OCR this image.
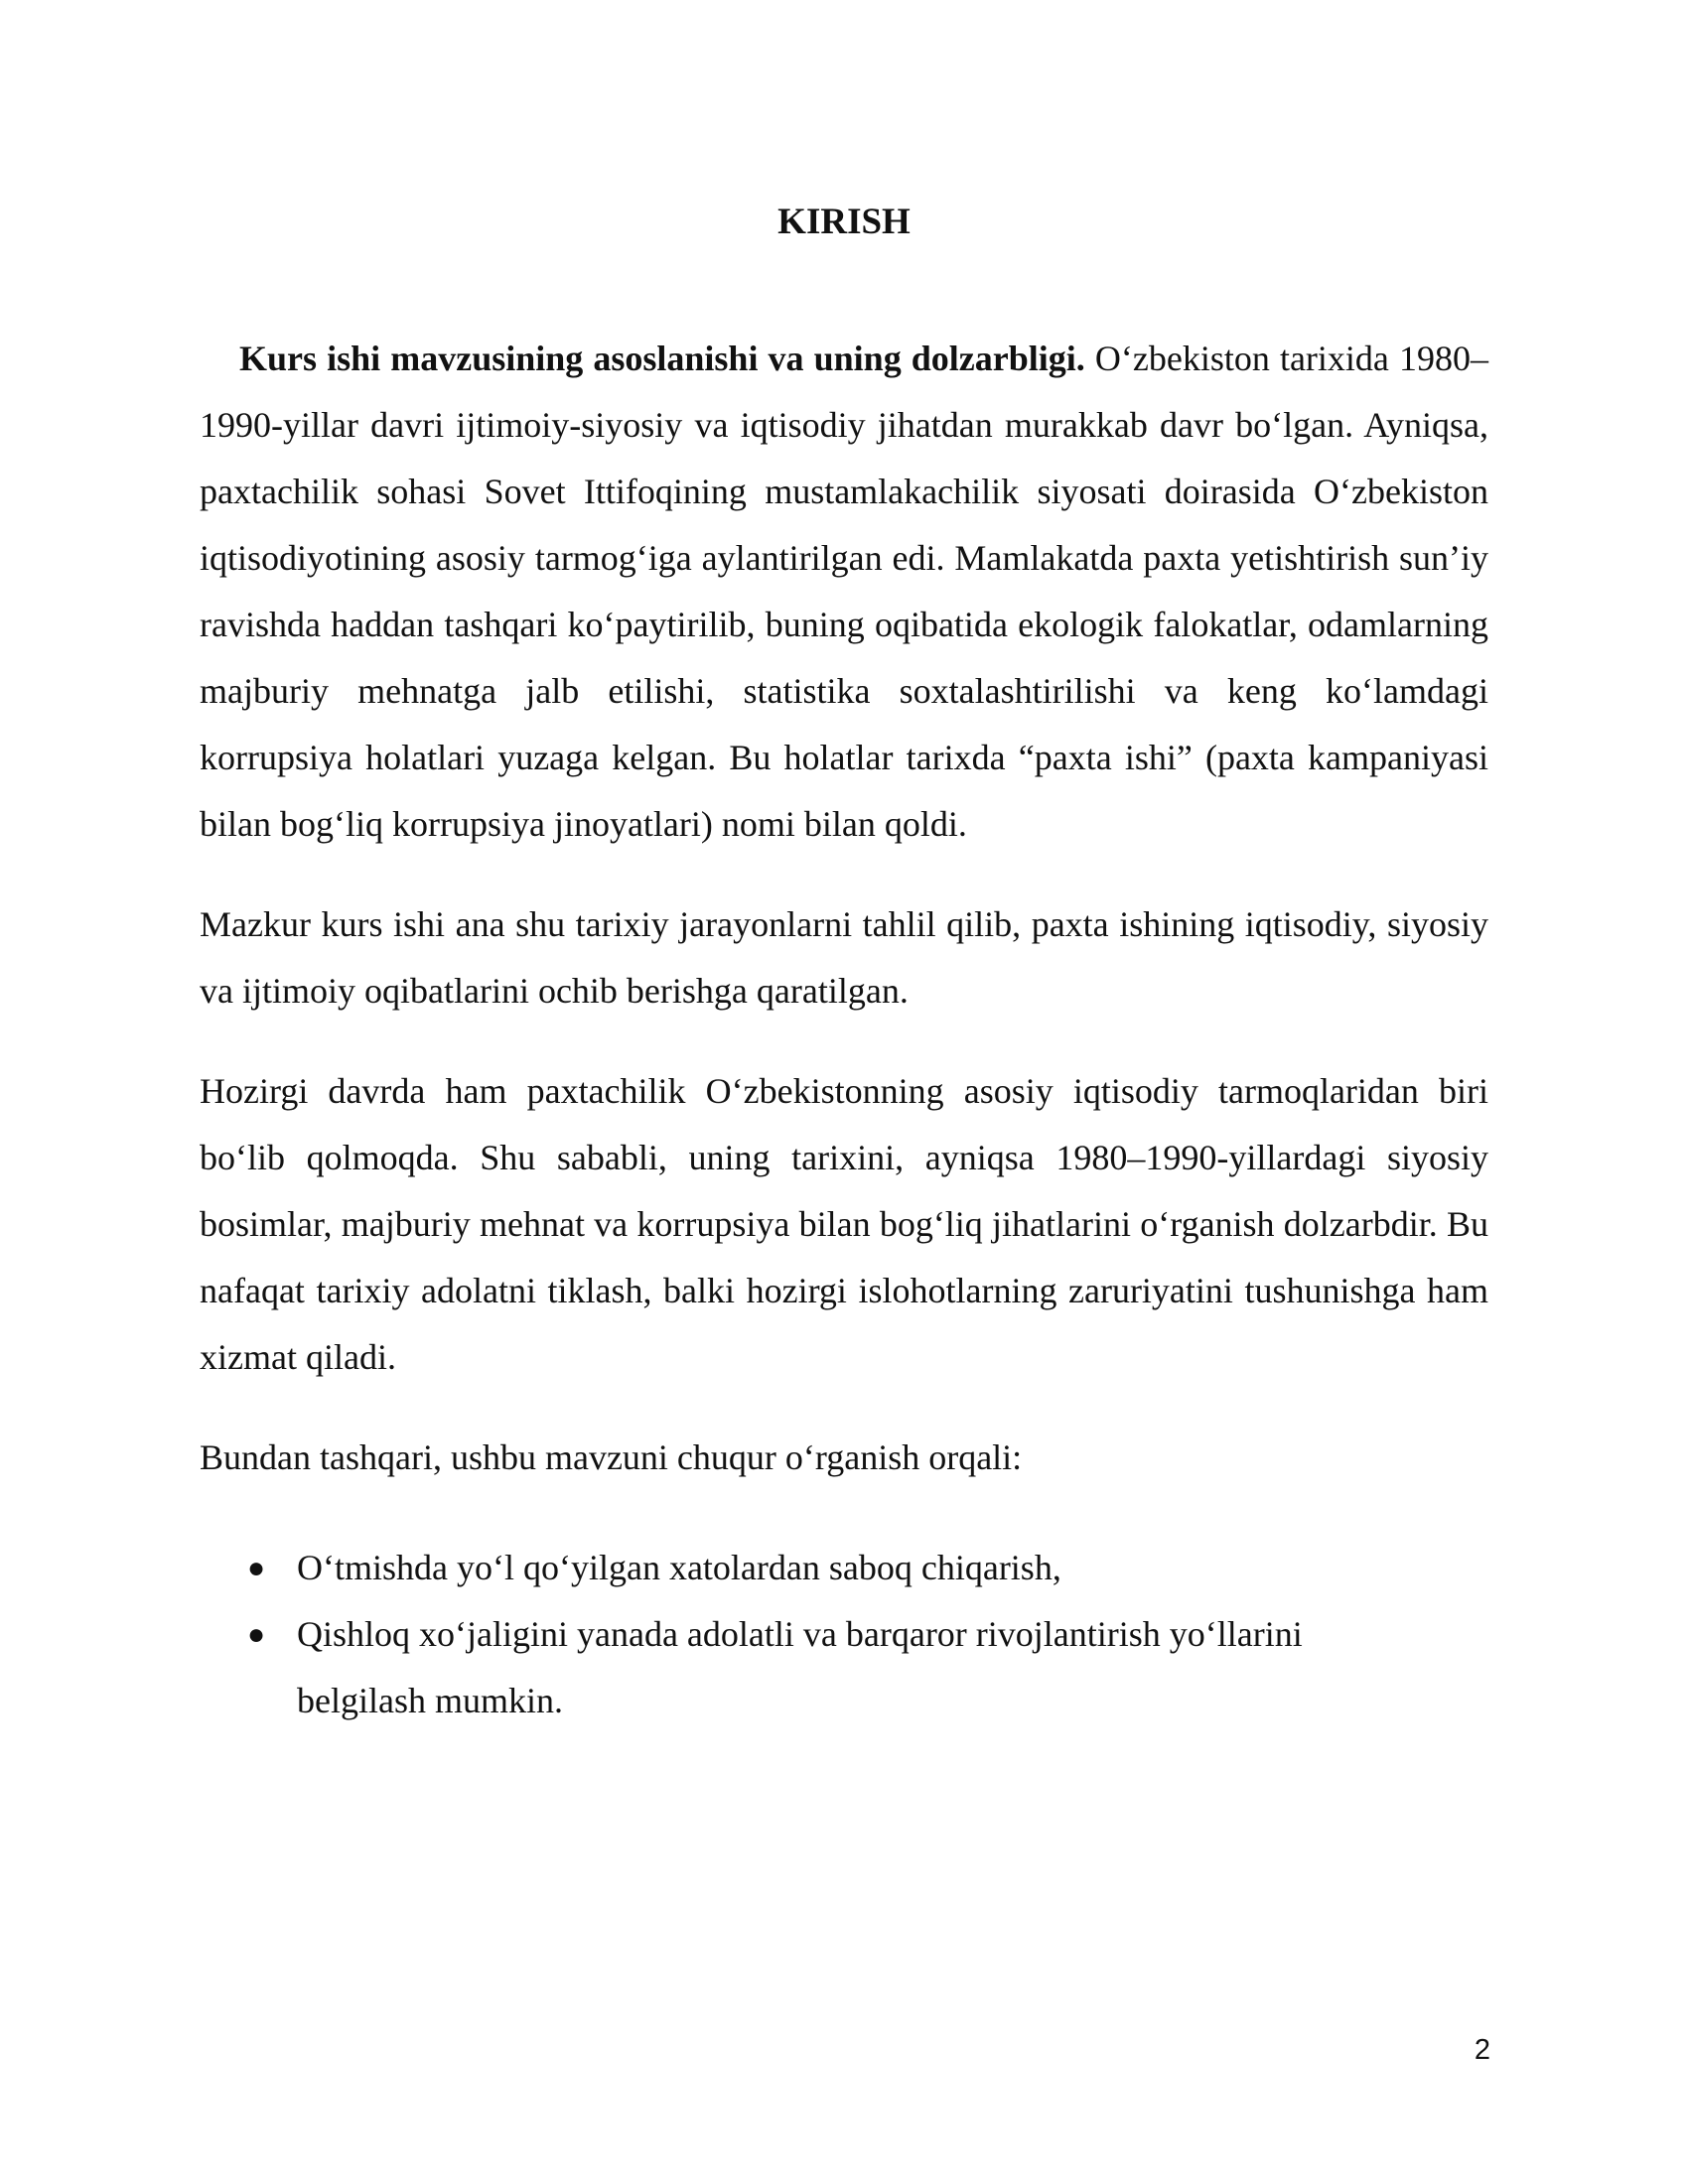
KIRISH

Kurs ishi mavzusining asoslanishi va uning dolzarbligi. O‘zbekiston tarixida 1980–1990-yillar davri ijtimoiy-siyosiy va iqtisodiy jihatdan murakkab davr bo‘lgan. Ayniqsa, paxtachilik sohasi Sovet Ittifoqining mustamlakachilik siyosati doirasida O‘zbekiston iqtisodiyotining asosiy tarmog‘iga aylantirilgan edi. Mamlakatda paxta yetishtirish sun’iy ravishda haddan tashqari ko‘paytirilib, buning oqibatida ekologik falokatlar, odamlarning majburiy mehnatga jalb etilishi, statistika soxtalashtirilishi va keng ko‘lamdagi korrupsiya holatlari yuzaga kelgan. Bu holatlar tarixda “paxta ishi” (paxta kampaniyasi bilan bog‘liq korrupsiya jinoyatlari) nomi bilan qoldi.

Mazkur kurs ishi ana shu tarixiy jarayonlarni tahlil qilib, paxta ishining iqtisodiy, siyosiy va ijtimoiy oqibatlarini ochib berishga qaratilgan.

Hozirgi davrda ham paxtachilik O‘zbekistonning asosiy iqtisodiy tarmoqlaridan biri bo‘lib qolmoqda. Shu sababli, uning tarixini, ayniqsa 1980–1990-yillardagi siyosiy bosimlar, majburiy mehnat va korrupsiya bilan bog‘liq jihatlarini o‘rganish dolzarbdir. Bu nafaqat tarixiy adolatni tiklash, balki hozirgi islohotlarning zaruriyatini tushunishga ham xizmat qiladi.

Bundan tashqari, ushbu mavzuni chuqur o‘rganish orqali:

● O‘tmishda yo‘l qo‘yilgan xatolardan saboq chiqarish,
● Qishloq xo‘jaligini yanada adolatli va barqaror rivojlantirish yo‘llarini belgilash mumkin.
2
